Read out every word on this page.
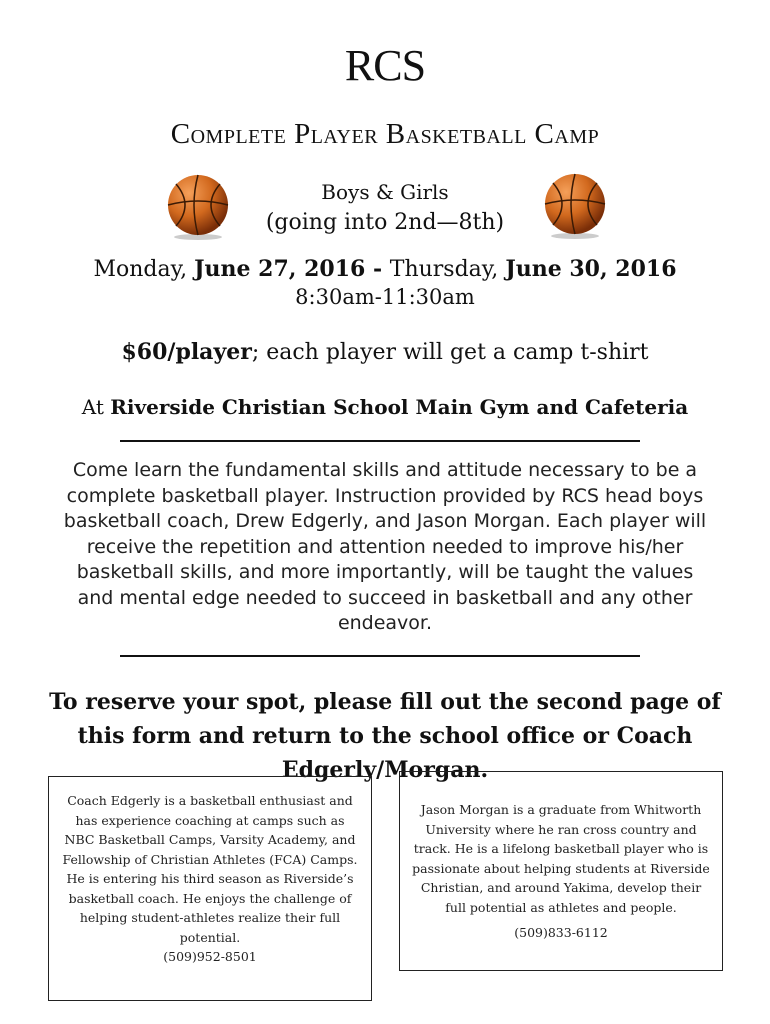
RCS
Complete Player Basketball Camp
Boys & Girls
(going into 2nd—8th)
Monday, June 27, 2016 - Thursday, June 30, 2016
8:30am-11:30am
$60/player; each player will get a camp t-shirt
At Riverside Christian School Main Gym and Cafeteria
Come learn the fundamental skills and attitude necessary to be a complete basketball player. Instruction provided by RCS head boys basketball coach, Drew Edgerly, and Jason Morgan. Each player will receive the repetition and attention needed to improve his/her basketball skills, and more importantly, will be taught the values and mental edge needed to succeed in basketball and any other endeavor.
To reserve your spot, please fill out the second page of this form and return to the school office or Coach Edgerly/Morgan.
Coach Edgerly is a basketball enthusiast and has experience coaching at camps such as NBC Basketball Camps, Varsity Academy, and Fellowship of Christian Athletes (FCA) Camps. He is entering his third season as Riverside’s basketball coach. He enjoys the challenge of helping student-athletes realize their full potential.
(509)952-8501
Jason Morgan is a graduate from Whitworth University where he ran cross country and track. He is a lifelong basketball player who is passionate about helping students at Riverside Christian, and around Yakima, develop their full potential as athletes and people.
(509)833-6112
